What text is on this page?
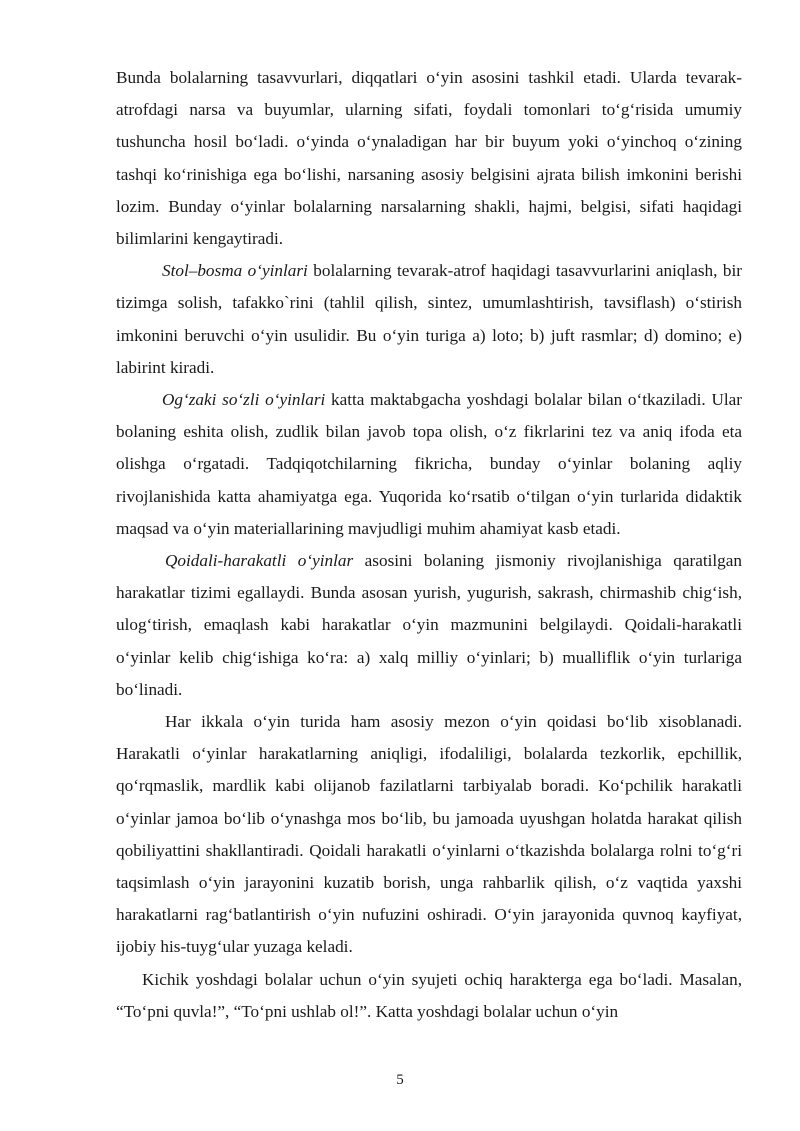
Bunda bolalarning tasavvurlari, diqqatlari o‘yin asosini tashkil etadi. Ularda tevarak-atrofdagi narsa va buyumlar, ularning sifati, foydali tomonlari to‘g‘risida umumiy tushuncha hosil bo‘ladi. o‘yinda o‘ynaladigan har bir buyum yoki o‘yinchoq o‘zining tashqi ko‘rinishiga ega bo‘lishi, narsaning asosiy belgisini ajrata bilish imkonini berishi lozim. Bunday o‘yinlar bolalarning narsalarning shakli, hajmi, belgisi, sifati haqidagi bilimlarini kengaytiradi.

Stol–bosma o‘yinlari bolalarning tevarak-atrof haqidagi tasavvurlarini aniqlash, bir tizimga solish, tafakko`rini (tahlil qilish, sintez, umumlashtirish, tavsiflash) o‘stirish imkonini beruvchi o‘yin usulidir. Bu o‘yin turiga a) loto; b) juft rasmlar; d) domino; e) labirint kiradi.

Og‘zaki so‘zli o‘yinlari katta maktabgacha yoshdagi bolalar bilan o‘tkaziladi. Ular bolaning eshita olish, zudlik bilan javob topa olish, o‘z fikrlarini tez va aniq ifoda eta olishga o‘rgatadi. Tadqiqotchilarning fikricha, bunday o‘yinlar bolaning aqliy rivojlanishida katta ahamiyatga ega. Yuqorida ko‘rsatib o‘tilgan o‘yin turlarida didaktik maqsad va o‘yin materiallarining mavjudligi muhim ahamiyat kasb etadi.

Qoidali-harakatli o‘yinlar asosini bolaning jismoniy rivojlanishiga qaratilgan harakatlar tizimi egallaydi. Bunda asosan yurish, yugurish, sakrash, chirmashib chig‘ish, ulog‘tirish, emaqlash kabi harakatlar o‘yin mazmunini belgilaydi. Qoidali-harakatli o‘yinlar kelib chig‘ishiga ko‘ra: a) xalq milliy o‘yinlari; b) mualliflik o‘yin turlariga bo‘linadi.

Har ikkala o‘yin turida ham asosiy mezon o‘yin qoidasi bo‘lib xisoblanadi. Harakatli o‘yinlar harakatlarning aniqligi, ifodaliligi, bolalarda tezkorlik, epchillik, qo‘rqmaslik, mardlik kabi olijanob fazilatlarni tarbiyalab boradi. Ko‘pchilik harakatli o‘yinlar jamoa bo‘lib o‘ynashga mos bo‘lib, bu jamoada uyushgan holatda harakat qilish qobiliyattini shakllantiradi. Qoidali harakatli o‘yinlarni o‘tkazishda bolalarga rolni to‘g‘ri taqsimlash o‘yin jarayonini kuzatib borish, unga rahbarlik qilish, o‘z vaqtida yaxshi harakatlarni rag‘batlantirish o‘yin nufuzini oshiradi. O‘yin jarayonida quvnoq kayfiyat, ijobiy his-tuyg‘ular yuzaga keladi.

Kichik yoshdagi bolalar uchun o‘yin syujeti ochiq harakterga ega bo‘ladi. Masalan, “To‘pni quvla!”, “To‘pni ushlab ol!”. Katta yoshdagi bolalar uchun o‘yin

5
